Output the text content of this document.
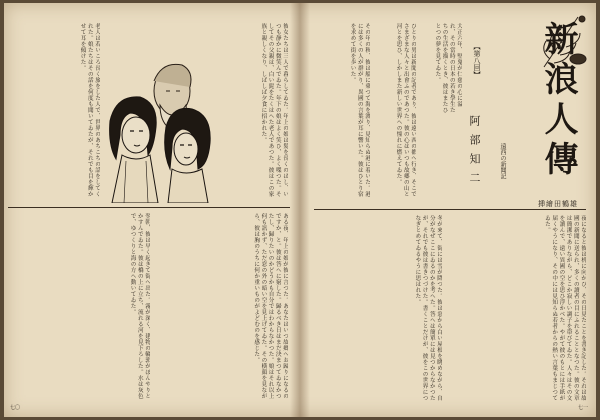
彼女たちは三人で暮らしてゐた。年上の娘は髮を長くのばし、いつも靜かに微笑んでゐた。年下の娘はよく笑ひ、よく喋つた。そしてその父親は、白い髭をたくはへた老人であつた。彼はこの家族と親しくなり、しばしば夕食に招かれた。
老人は若いころ長く旅をした人で、世界のあちこちの話をしてくれた。娘たちはその話を何度も聞いてゐたが、それでも目を輝かせて耳を傾けた。
ある夜、年上の娘が彼に言つた。あなたはいつ故郷へお歸りになるのですか、と。彼は答へに窮した。歸るべき日はまだ決まつてゐなかつたし、歸りたいのかどうかも自分ではわからなかつた。娘はそれ以上何も訊かず、ただ窓の外の暗い空を見上げてゐた。その横顔を見ながら、彼は胸のうちに何か重いものがよどむのを感じた。
翌朝、彼は早く起きて街へ出た。霧が深く、建物の輪郭がぼんやりとかすんでゐた。彼は橋の上に立ち、流れる河を見下ろした。水は灰色で、ゆつくりと海の方へ動いてゐた。
七〇
新浪人傳
遠西の新聞記
阿部知二
【第八回】
大正六年、堅鬼が仁慈の心に溢れ、その當時の日本の若き學生たちの生活を描くとき、彼はまたひとつの夢を見てゐた。
ひとりの男は新聞の記者であり、彼は遠い西の都へ行き、そこでさまざまな人々と出會ふのであつた。彼の心はいつも故郷の山と河とを思ひ、しかしまた新しい世界への憧れに燃えてゐた。
その年の秋、彼は船に乗つて海を渡り、見知らぬ港に着いた。港には多くの人が群がり、異國の言葉が耳に響いた。彼はひとり宿を求めて街を歩いた。
挿繪田鶴雄
夜になると彼は机に向かひ、その日見たことを書き記した。それは故國の新聞に送られ、多くの讀者の目にふれることとなつた。彼の文章は簡潔でありながら、どこか寂しい調子を帯びてゐた。人々はその文を讀んで、遠い異國の空を思ひ浮かべた。やがて彼のもとには手紙が届くやうになり、その中には見知らぬ若者からの熱い言葉もまじつてゐた。
冬が來て、街には雪が降つた。彼は窓から白い屋根を眺めながら、自分がなぜここにゐるのかを考へた。答へは簡單には見つからなかつたが、それでも彼は書きつづけた。書くことだけが、彼をこの世界につなぎとめてゐるやうに思はれた。
七一
